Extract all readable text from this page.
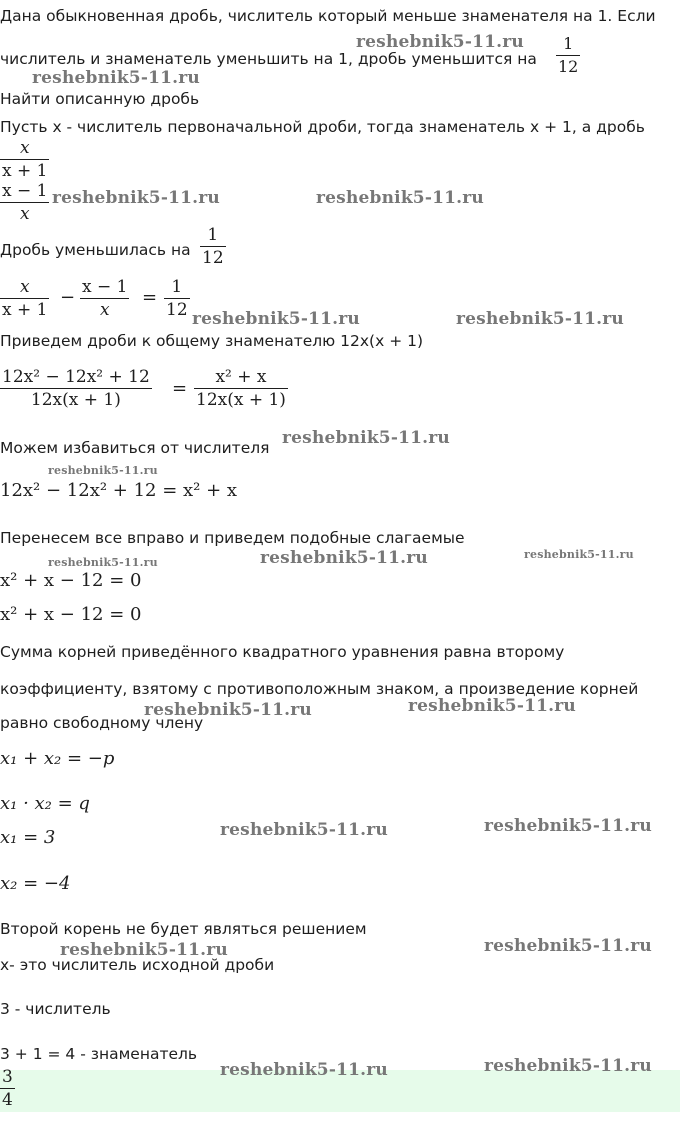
Дана обыкновенная дробь, числитель который меньше знаменателя на 1. Если
числитель и знаменатель уменьшить на 1, дробь уменьшится на $\frac{1}{12}$
Найти описанную дробь
Пусть x - числитель первоначальной дроби, тогда знаменатель x + 1, а дробь
$\frac{x}{x + 1}$
$\frac{x - 1}{x}$
Дробь уменьшилась на $\frac{1}{12}$
$\frac{x}{x + 1} - \frac{x - 1}{x} = \frac{1}{12}$
Приведем дроби к общему знаменателю 12x(x + 1)
$\frac{\text{12x² − 12x² + 12}}{12x(x + 1)} = \frac{\text{x² + x}}{12x(x + 1)}$
Можем избавиться от числителя
12x² − 12x² + 12 = x² + x
Перенесем все вправо и приведем подобные слагаемые
x² + x − 12 = 0
x² + x − 12 = 0
Сумма корней приведённого квадратного уравнения равна второму
коэффициенту, взятому с противоположным знаком, а произведение корней
равно свободному члену
x₁ + x₂ = −p
x₁ · x₂ = q
x₁ = 3
x₂ = −4
Второй корень не будет являться решением
x- это числитель исходной дроби
3 - числитель
3 + 1 = 4 - знаменатель
$\frac{3}{4}$
reshebnik5-11.ru
reshebnik5-11.ru
reshebnik5-11.ru	reshebnik5-11.ru
reshebnik5-11.ru	reshebnik5-11.ru
reshebnik5-11.ru
reshebnik5-11.ru
reshebnik5-11.ru	reshebnik5-11.ru
reshebnik5-11.ru
reshebnik5-11.ru	reshebnik5-11.ru
reshebnik5-11.ru	reshebnik5-11.ru
reshebnik5-11.ru	reshebnik5-11.ru
reshebnik5-11.ru	reshebnik5-11.ru
